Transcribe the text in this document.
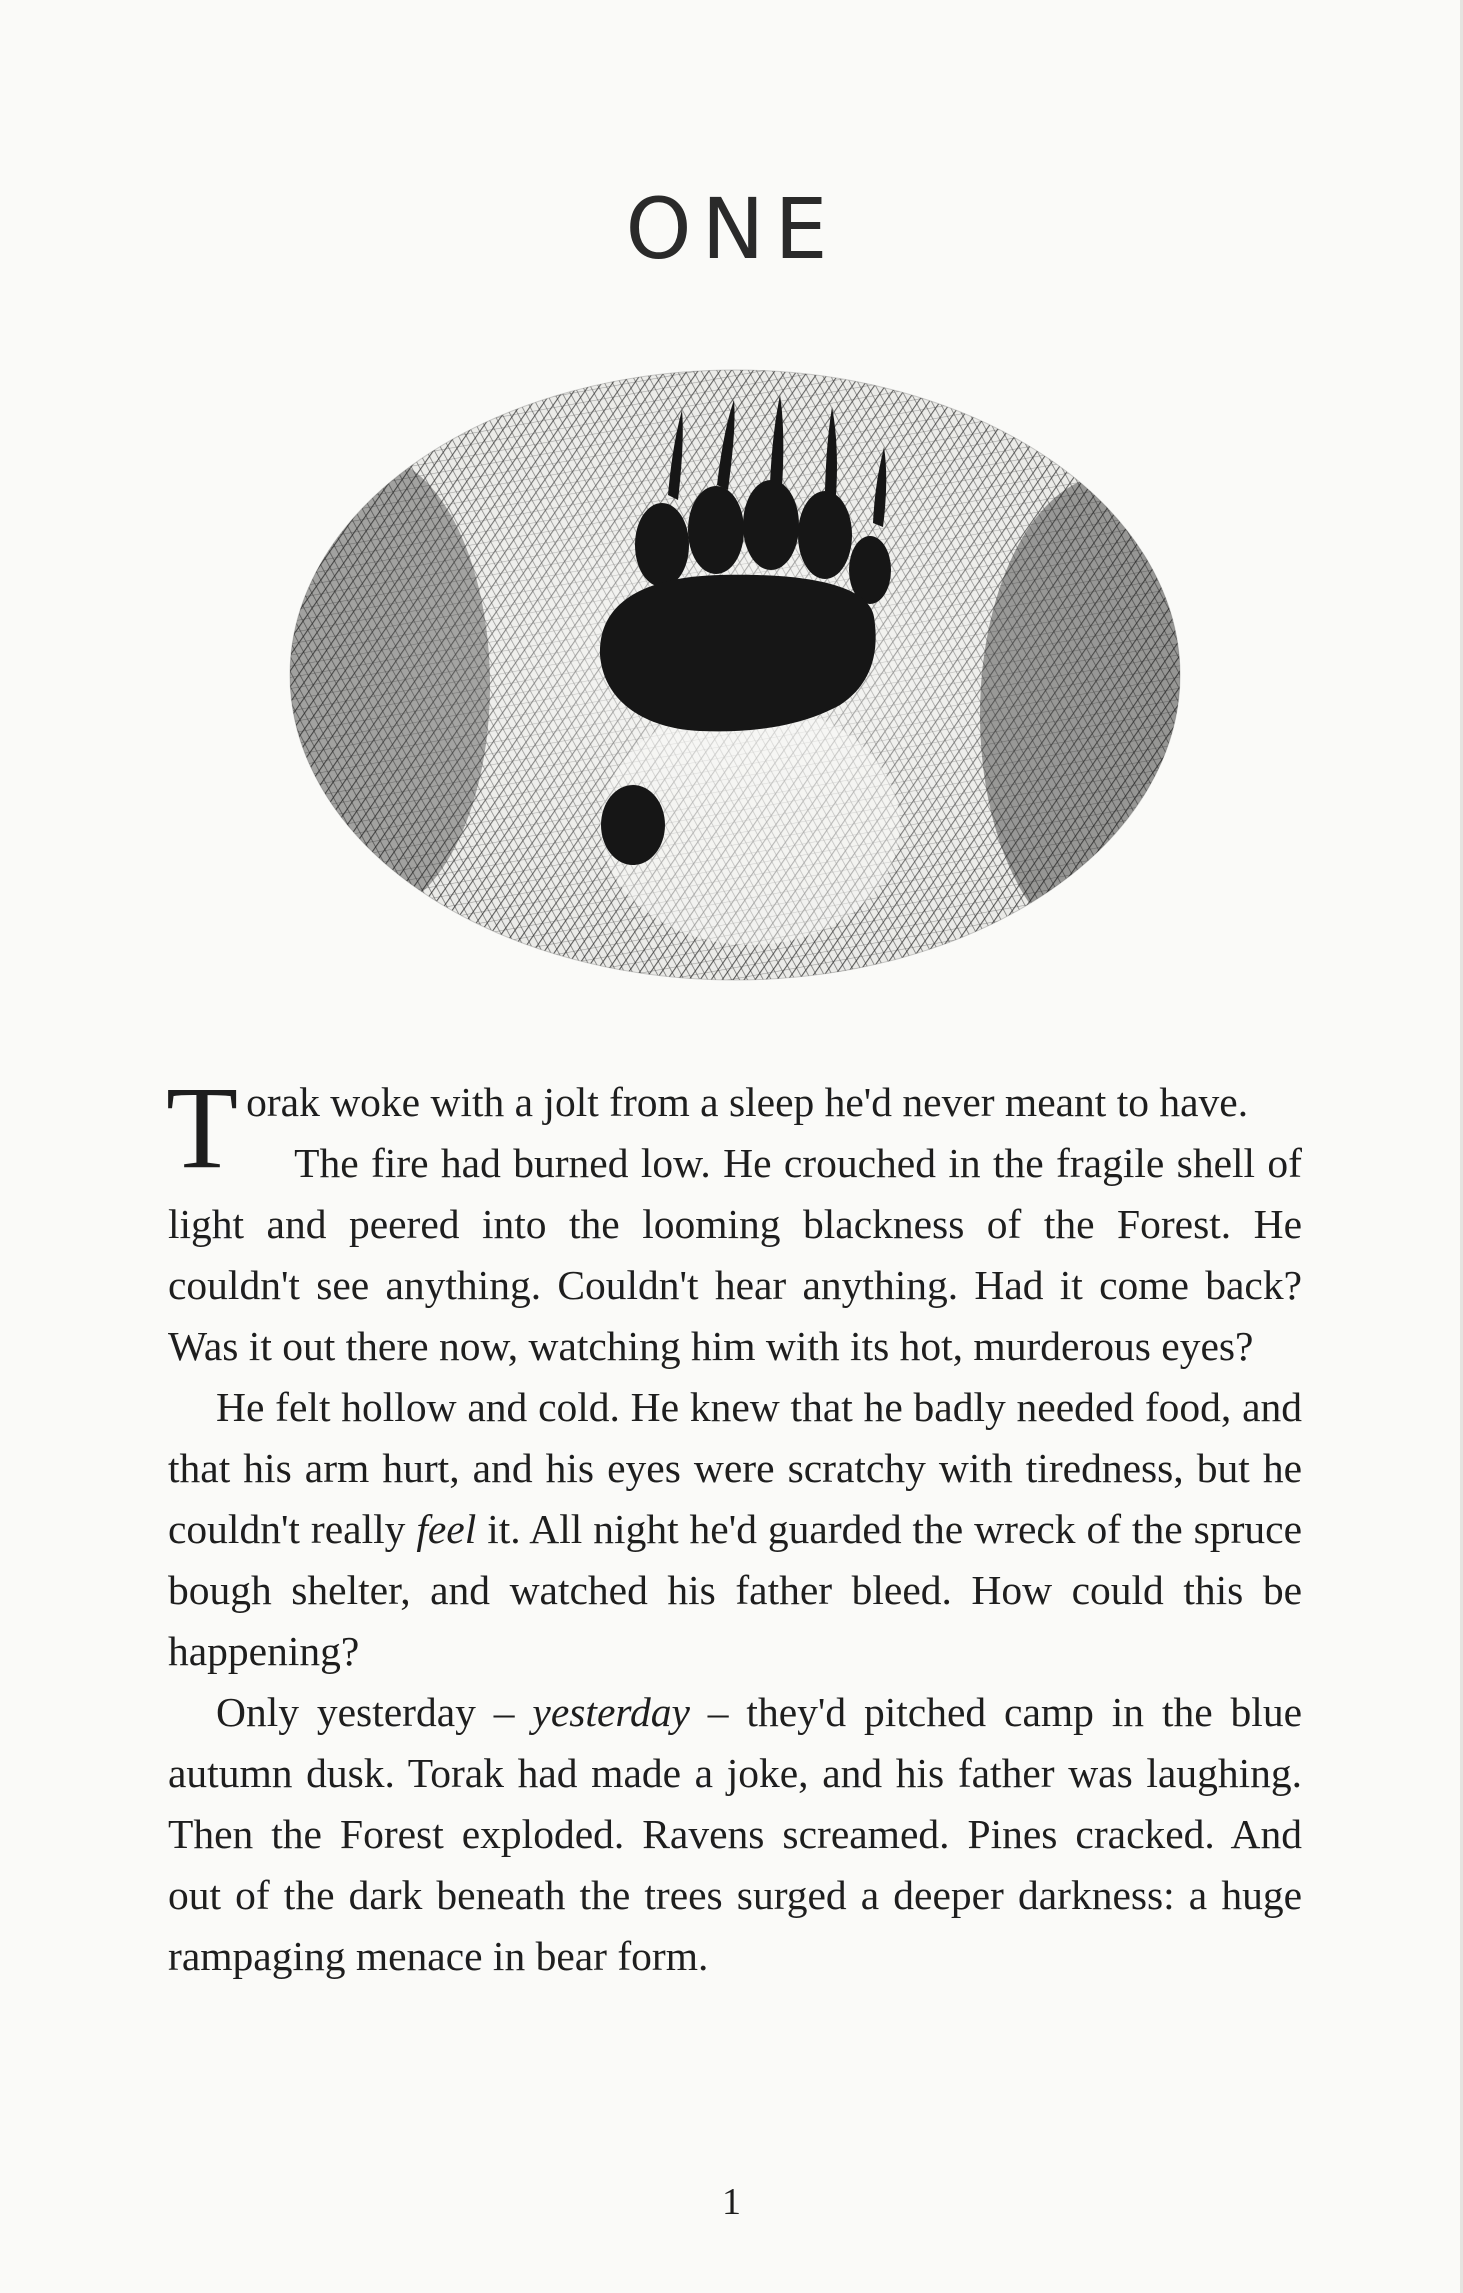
ONE

Torak woke with a jolt from a sleep he'd never meant to have.

The fire had burned low. He crouched in the fragile shell of light and peered into the looming blackness of the Forest. He couldn't see anything. Couldn't hear anything. Had it come back? Was it out there now, watching him with its hot, murderous eyes?

He felt hollow and cold. He knew that he badly needed food, and that his arm hurt, and his eyes were scratchy with tiredness, but he couldn't really feel it. All night he'd guarded the wreck of the spruce bough shelter, and watched his father bleed. How could this be happening?

Only yesterday – yesterday – they'd pitched camp in the blue autumn dusk. Torak had made a joke, and his father was laughing. Then the Forest exploded. Ravens screamed. Pines cracked. And out of the dark beneath the trees surged a deeper darkness: a huge rampaging menace in bear form.

1
